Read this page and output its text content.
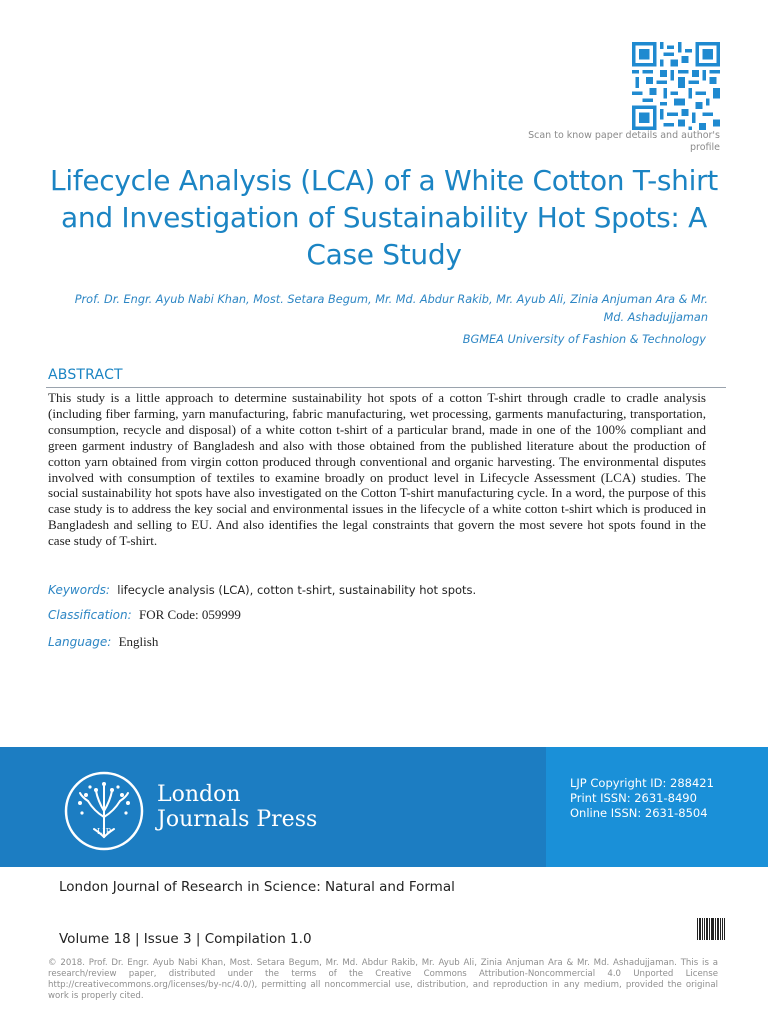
Scan to know paper details and author's profile
Lifecycle Analysis (LCA) of a White Cotton T-shirt and Investigation of Sustainability Hot Spots: A Case Study
Prof. Dr. Engr. Ayub Nabi Khan, Most. Setara Begum, Mr. Md. Abdur Rakib, Mr. Ayub Ali, Zinia Anjuman Ara & Mr. Md. Ashadujjaman
BGMEA University of Fashion & Technology
ABSTRACT
This study is a little approach to determine sustainability hot spots of a cotton T-shirt through cradle to cradle analysis (including fiber farming, yarn manufacturing, fabric manufacturing, wet processing, garments manufacturing, transportation, consumption, recycle and disposal) of a white cotton t-shirt of a particular brand, made in one of the 100% compliant and green garment industry of Bangladesh and also with those obtained from the published literature about the production of cotton yarn obtained from virgin cotton produced through conventional and organic harvesting. The environmental disputes involved with consumption of textiles to examine broadly on product level in Lifecycle Assessment (LCA) studies. The social sustainability hot spots have also investigated on the Cotton T-shirt manufacturing cycle. In a word, the purpose of this case study is to address the key social and environmental issues in the lifecycle of a white cotton t-shirt which is produced in Bangladesh and selling to EU. And also identifies the legal constraints that govern the most severe hot spots found in the case study of T-shirt.
Keywords: lifecycle analysis (LCA), cotton t-shirt, sustainability hot spots.
Classification: FOR Code: 059999
Language: English
LJP
London
Journals Press
LJP Copyright ID: 288421
Print ISSN: 2631-8490
Online ISSN: 2631-8504
London Journal of Research in Science: Natural and Formal
Volume 18 | Issue 3 | Compilation 1.0
© 2018. Prof. Dr. Engr. Ayub Nabi Khan, Most. Setara Begum, Mr. Md. Abdur Rakib, Mr. Ayub Ali, Zinia Anjuman Ara & Mr. Md. Ashadujjaman. This is a research/review paper, distributed under the terms of the Creative Commons Attribution-Noncommercial 4.0 Unported License http://creativecommons.org/licenses/by-nc/4.0/), permitting all noncommercial use, distribution, and reproduction in any medium, provided the original work is properly cited.
